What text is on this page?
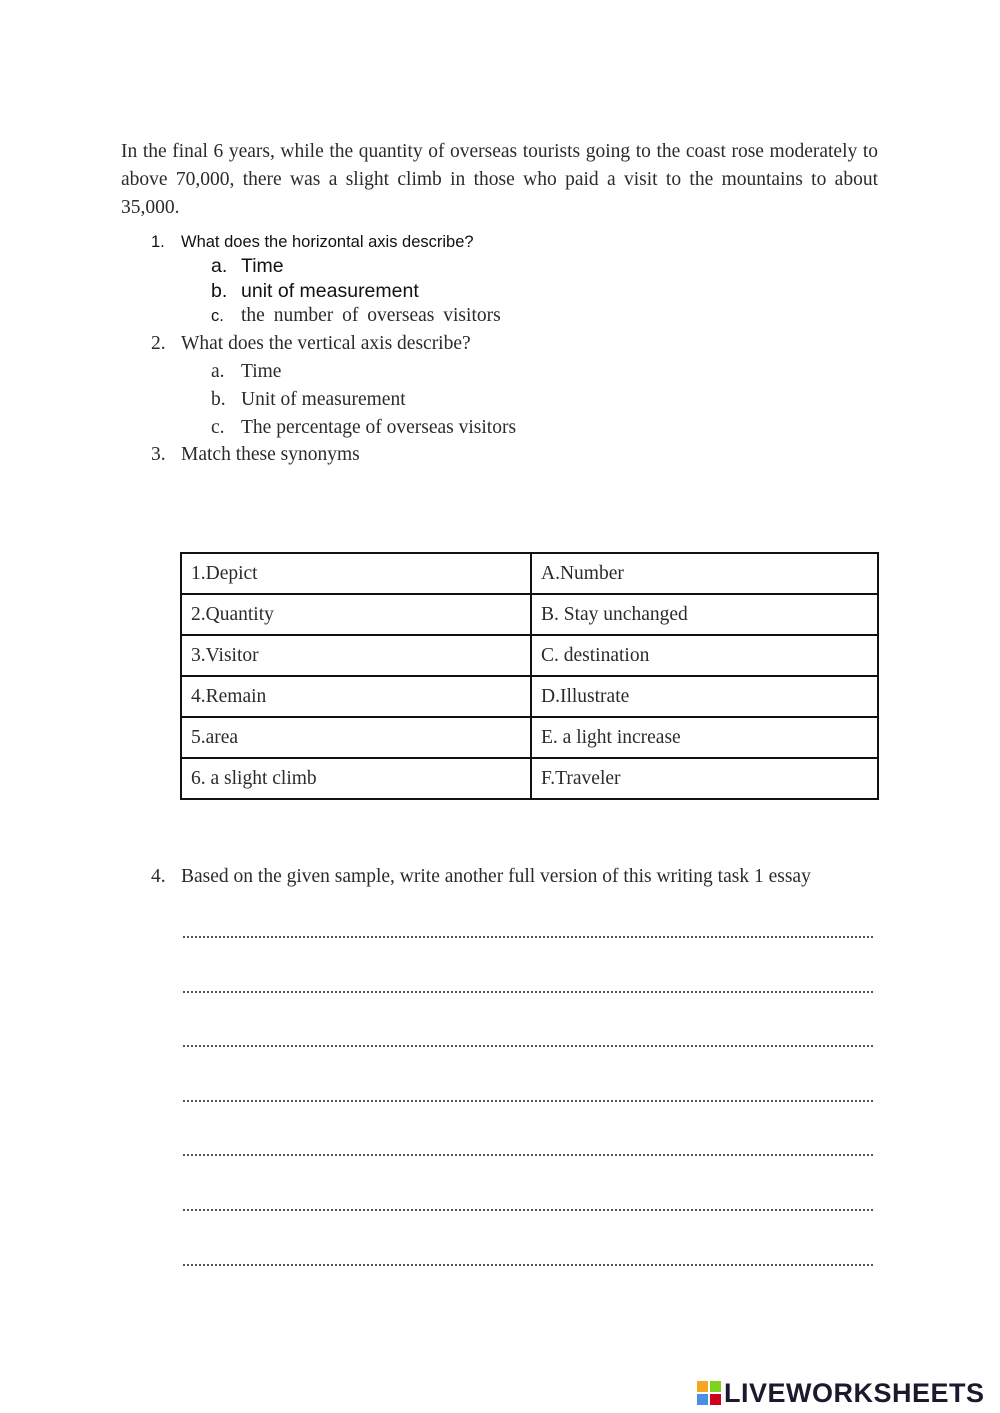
In the final 6 years, while the quantity of overseas tourists going to the coast rose moderately to above 70,000, there was a slight climb in those who paid a visit to the mountains to about 35,000.

1. What does the horizontal axis describe?
a. Time
b. unit of measurement
c. the number of overseas visitors
2. What does the vertical axis describe?
a. Time
b. Unit of measurement
c. The percentage of overseas visitors
3. Match these synonyms
1.Depict	A.Number
2.Quantity	B. Stay unchanged
3.Visitor	C. destination
4.Remain	D.Illustrate
5.area	E. a light increase
6. a slight climb	F.Traveler
4. Based on the given sample, write another full version of this writing task 1 essay
LIVEWORKSHEETS
